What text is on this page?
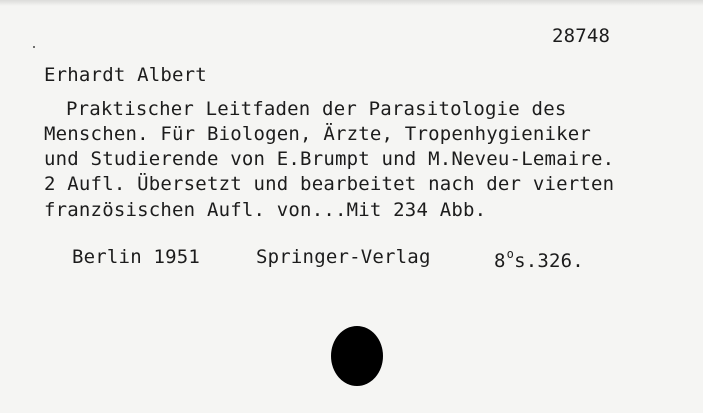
28748
Erhardt Albert
Praktischer Leitfaden der Parasitologie des
Menschen. Für Biologen, Ärzte, Tropenhygieniker
und Studierende von E.Brumpt und M.Neveu-Lemaire.
2 Aufl. Übersetzt und bearbeitet nach der vierten
französischen Aufl. von...Mit 234 Abb.
Berlin 1951	Springer-Verlag	8$^o$s.326.
